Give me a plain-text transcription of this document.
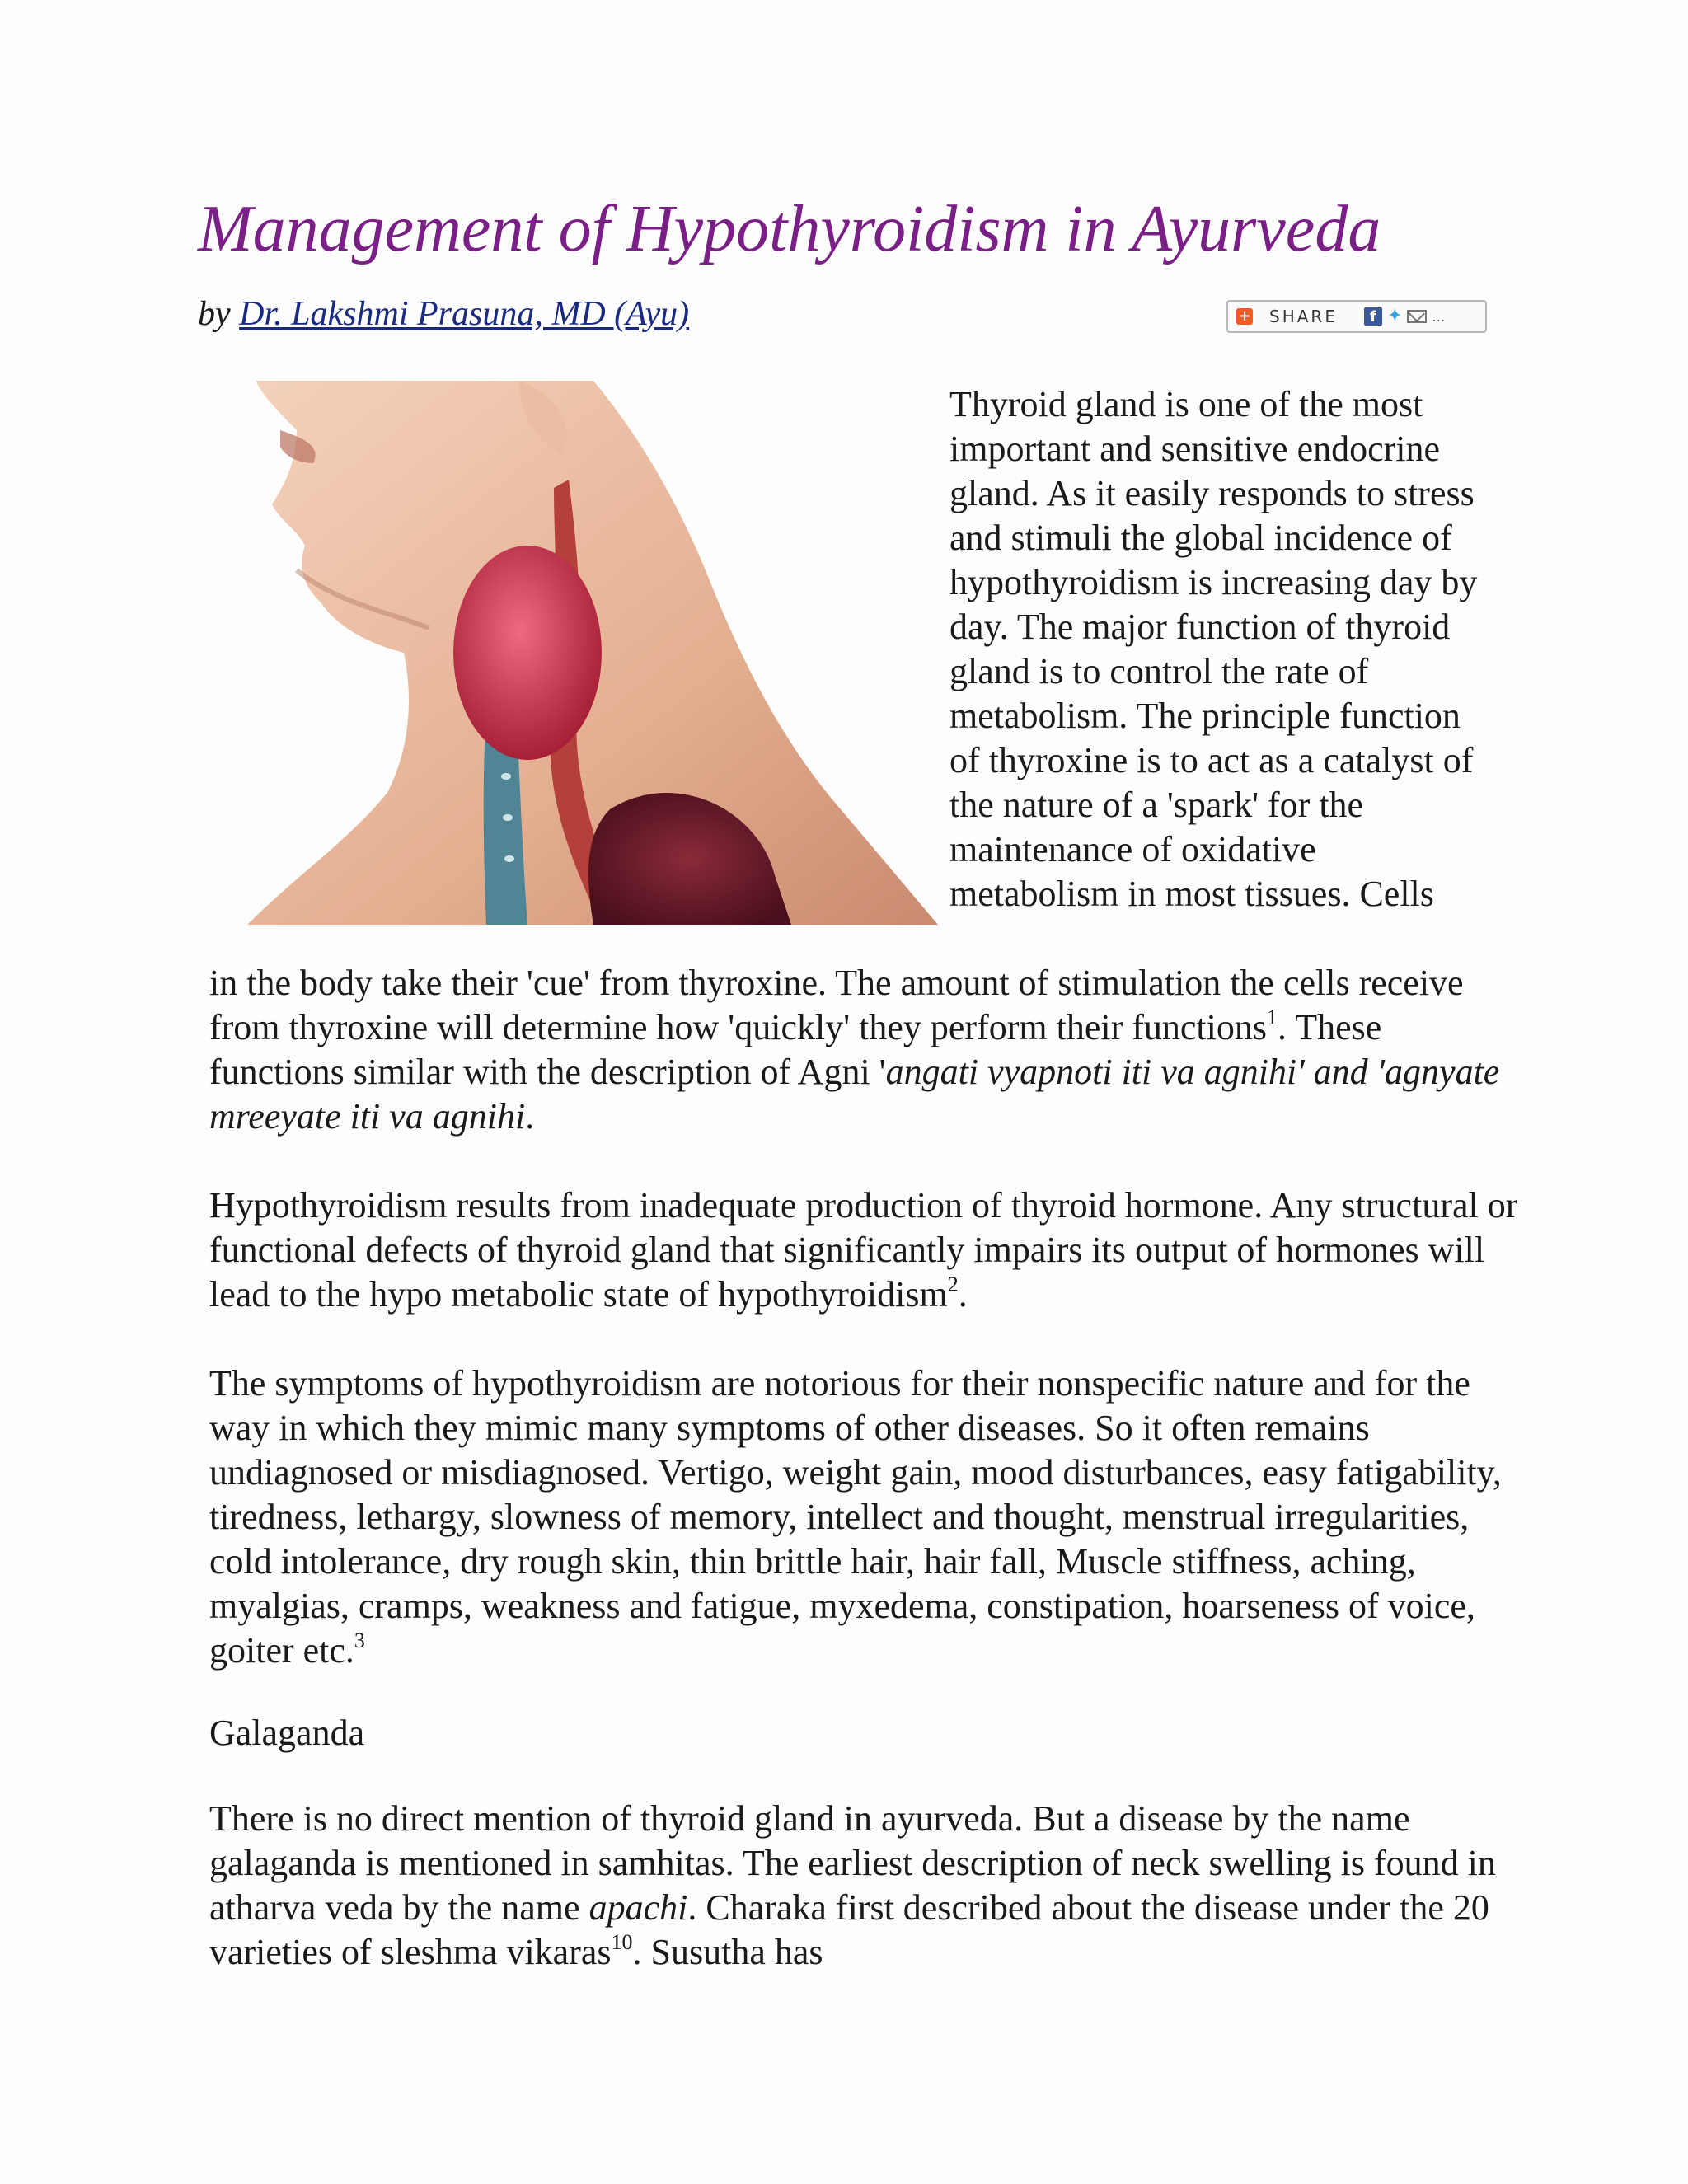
Management of Hypothyroidism in Ayurveda
by Dr. Lakshmi Prasuna, MD (Ayu)	+ SHARE	f ✦ …

Thyroid gland is one of the most important and sensitive endocrine gland. As it easily responds to stress and stimuli the global incidence of hypothyroidism is increasing day by day. The major function of thyroid gland is to control the rate of metabolism. The principle function of thyroxine is to act as a catalyst of the nature of a 'spark' for the maintenance of oxidative metabolism in most tissues. Cells

in the body take their 'cue' from thyroxine. The amount of stimulation the cells receive from thyroxine will determine how 'quickly' they perform their functions$^1$. These functions similar with the description of Agni 'angati vyapnoti iti va agnihi' and 'agnyate mreeyate iti va agnihi.

Hypothyroidism results from inadequate production of thyroid hormone. Any structural or functional defects of thyroid gland that significantly impairs its output of hormones will lead to the hypo metabolic state of hypothyroidism$^2$.

The symptoms of hypothyroidism are notorious for their nonspecific nature and for the way in which they mimic many symptoms of other diseases. So it often remains undiagnosed or misdiagnosed. Vertigo, weight gain, mood disturbances, easy fatigability, tiredness, lethargy, slowness of memory, intellect and thought, menstrual irregularities, cold intolerance, dry rough skin, thin brittle hair, hair fall, Muscle stiffness, aching, myalgias, cramps, weakness and fatigue, myxedema, constipation, hoarseness of voice, goiter etc.$^3$

Galaganda

There is no direct mention of thyroid gland in ayurveda. But a disease by the name galaganda is mentioned in samhitas. The earliest description of neck swelling is found in atharva veda by the name apachi. Charaka first described about the disease under the 20 varieties of sleshma vikaras$^{10}$. Susutha has
